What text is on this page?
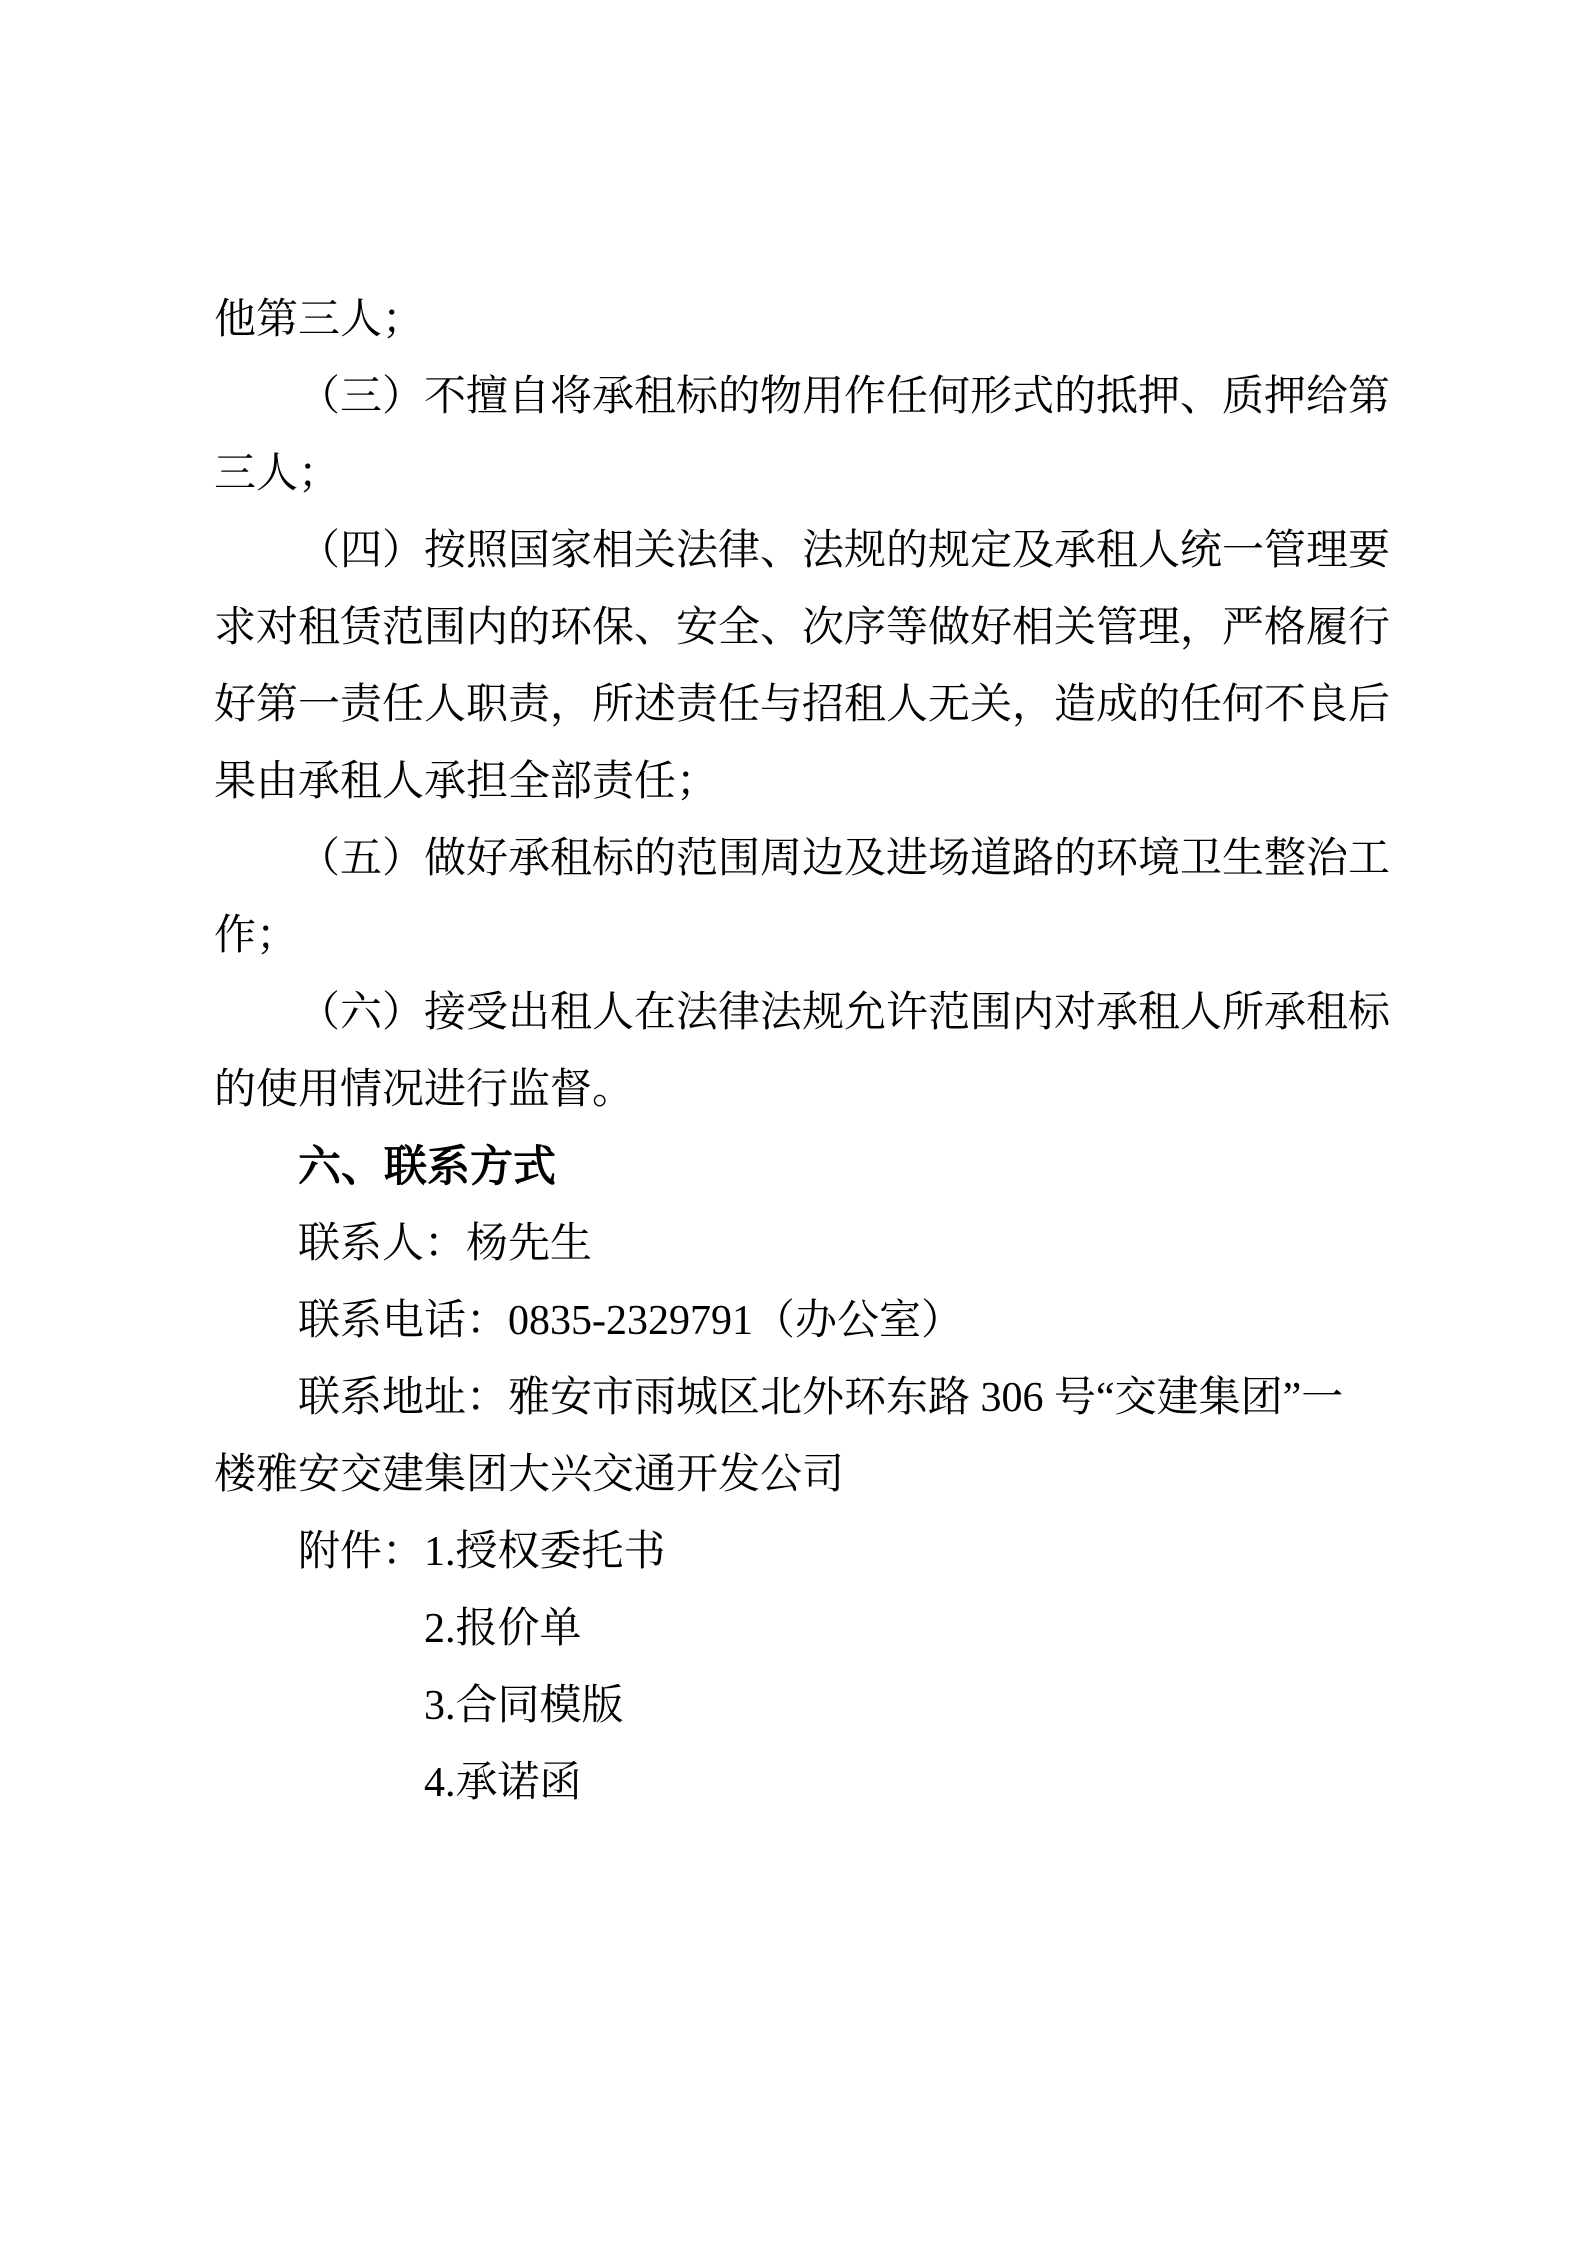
他第三人；
（三）不擅自将承租标的物用作任何形式的抵押、质押给第
三人；
（四）按照国家相关法律、法规的规定及承租人统一管理要
求对租赁范围内的环保、安全、次序等做好相关管理，严格履行
好第一责任人职责，所述责任与招租人无关，造成的任何不良后
果由承租人承担全部责任；
（五）做好承租标的范围周边及进场道路的环境卫生整治工
作；
（六）接受出租人在法律法规允许范围内对承租人所承租标
的使用情况进行监督。
六、联系方式
联系人：杨先生
联系电话：0835-2329791（办公室）
联系地址：雅安市雨城区北外环东路 306 号“交建集团”一
楼雅安交建集团大兴交通开发公司
附件：1.授权委托书
2.报价单
3.合同模版
4.承诺函
